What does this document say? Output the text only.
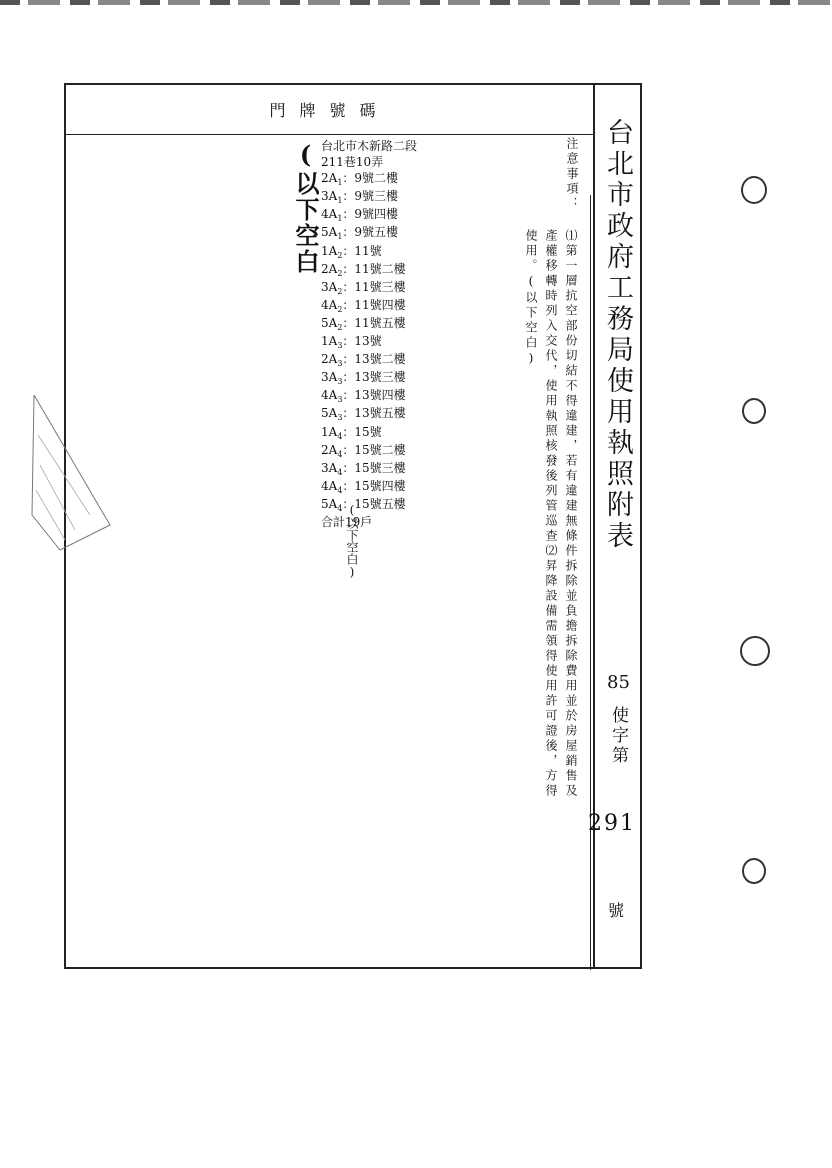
門牌號碼
台北市政府工務局使用執照附表
85
使字第
291
號
注意事項：
⑴第一層抗空部份切結不得違建，若有違建無條件拆除並負擔拆除費用並於房屋銷售及
產權移轉時列入交代，使用執照核發後列管巡查⑵昇降設備需領得使用許可證後，方得
使用。(以下空白)
台北市木新路二段
211巷10弄
$2A_1$：9號二樓
$3A_1$：9號三樓
$4A_1$：9號四樓
$5A_1$：9號五樓
$1A_2$：11號
$2A_2$：11號二樓
$3A_2$：11號三樓
$4A_2$：11號四樓
$5A_2$：11號五樓
$1A_3$：13號
$2A_3$：13號二樓
$3A_3$：13號三樓
$4A_3$：13號四樓
$5A_3$：13號五樓
$1A_4$：15號
$2A_4$：15號二樓
$3A_4$：15號三樓
$4A_4$：15號四樓
$5A_4$：15號五樓
合計19戶
(以下空白
(以下空白)
